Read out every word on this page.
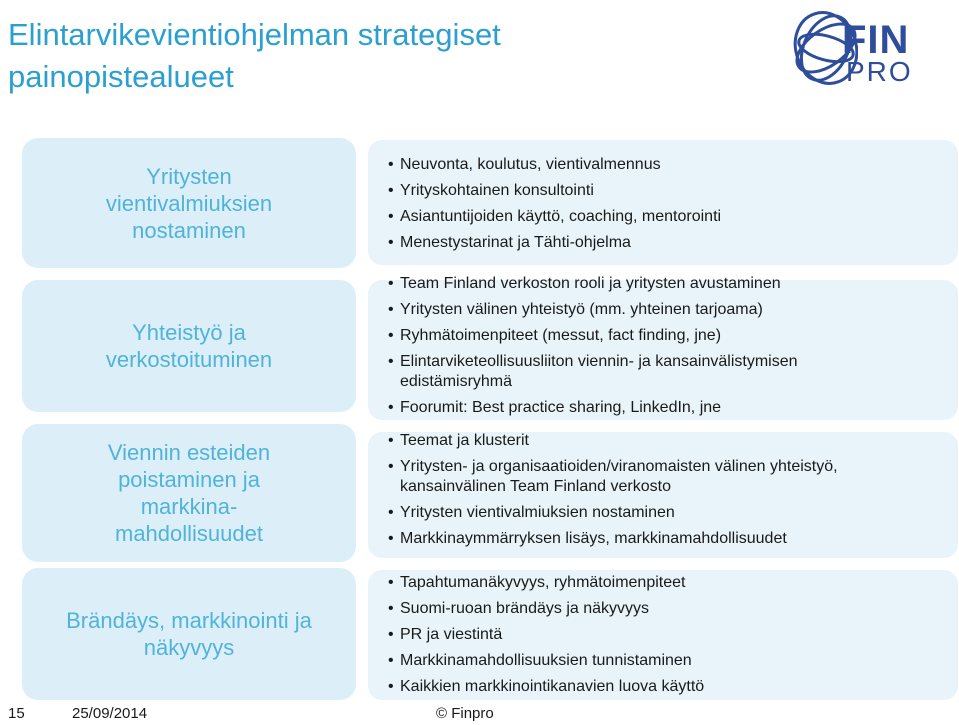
Elintarvikevientiohjelman strategiset
painopistealueet
FIN
PRO
Yritysten vientivalmiuksien nostaminen
Yhteistyö ja verkostoituminen
Viennin esteiden poistaminen ja markkina-mahdollisuudet
Brändäys, markkinointi ja näkyvyys
• Neuvonta, koulutus, vientivalmennus
• Yrityskohtainen konsultointi
• Asiantuntijoiden käyttö, coaching, mentorointi
• Menestystarinat ja Tähti-ohjelma
• Team Finland verkoston rooli ja yritysten avustaminen
• Yritysten välinen yhteistyö (mm. yhteinen tarjoama)
• Ryhmätoimenpiteet (messut, fact finding, jne)
• Elintarviketeollisuusliiton viennin- ja kansainvälistymisen edistämisryhmä
• Foorumit: Best practice sharing, LinkedIn, jne
• Teemat ja klusterit
• Yritysten- ja organisaatioiden/viranomaisten välinen yhteistyö, kansainvälinen Team Finland verkosto
• Yritysten vientivalmiuksien nostaminen
• Markkinaymmärryksen lisäys, markkinamahdollisuudet
• Tapahtumanäkyvyys, ryhmätoimenpiteet
• Suomi-ruoan brändäys ja näkyvyys
• PR ja viestintä
• Markkinamahdollisuuksien tunnistaminen
• Kaikkien markkinointikanavien luova käyttö
15	25/09/2014	© Finpro
